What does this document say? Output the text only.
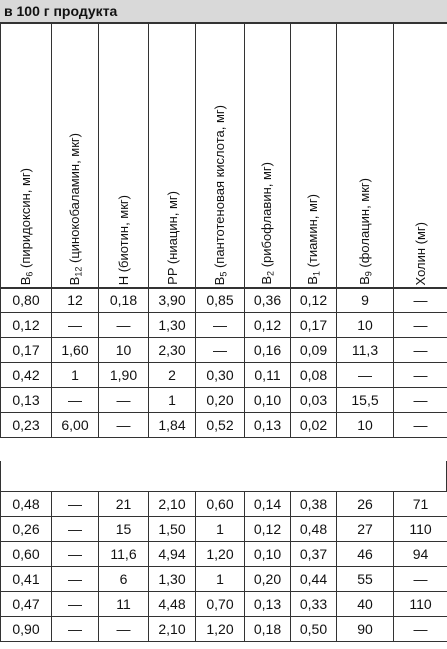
в 100 г продукта
$B_6$ (пиридоксин, мг)	$B_{12}$ (цинокобаламин, мкг)	H (биотин, мкг)	PP (ниацин, мг)	$B_5$ (пантотеновая кислота, мг)	$B_2$ (рибофлавин, мг)	$B_1$ (тиамин, мг)	$B_9$ (фолацин, мкг)	Холин (мг)
0,80	12	0,18	3,90	0,85	0,36	0,12	9	—
0,12	—	—	1,30	—	0,12	0,17	10	—
0,17	1,60	10	2,30	—	0,16	0,09	11,3	—
0,42	1	1,90	2	0,30	0,11	0,08	—	—
0,13	—	—	1	0,20	0,10	0,03	15,5	—
0,23	6,00	—	1,84	0,52	0,13	0,02	10	—
0,48	—	21	2,10	0,60	0,14	0,38	26	71
0,26	—	15	1,50	1	0,12	0,48	27	110
0,60	—	11,6	4,94	1,20	0,10	0,37	46	94
0,41	—	6	1,30	1	0,20	0,44	55	—
0,47	—	11	4,48	0,70	0,13	0,33	40	110
0,90	—	—	2,10	1,20	0,18	0,50	90	—
